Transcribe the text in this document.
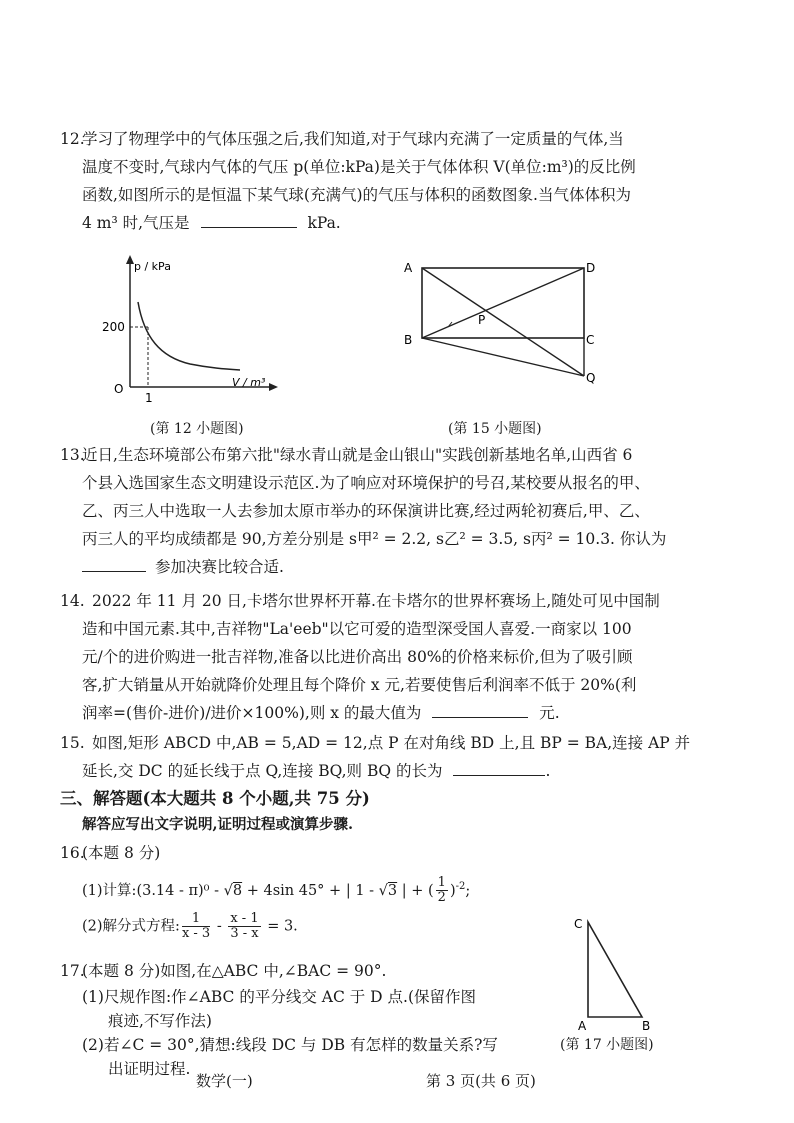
12.
学习了物理学中的气体压强之后,我们知道,对于气球内充满了一定质量的气体,当
温度不变时,气球内气体的气压 p(单位:kPa)是关于气体体积 V(单位:m³)的反比例
函数,如图所示的是恒温下某气球(充满气)的气压与体积的函数图象.当气体体积为
4 m³ 时,气压是	kPa.
p / kPa
V / m³
200
1
O
(第 12 小题图)
A	D
B	C
P
Q
(第 15 小题图)
13.
近日,生态环境部公布第六批"绿水青山就是金山银山"实践创新基地名单,山西省 6
个县入选国家生态文明建设示范区.为了响应对环境保护的号召,某校要从报名的甲、
乙、丙三人中选取一人去参加太原市举办的环保演讲比赛,经过两轮初赛后,甲、乙、
丙三人的平均成绩都是 90,方差分别是 s甲² = 2.2, s乙² = 3.5, s丙² = 10.3. 你认为
参加决赛比较合适.
14. 2022 年 11 月 20 日,卡塔尔世界杯开幕.在卡塔尔的世界杯赛场上,随处可见中国制
造和中国元素.其中,吉祥物"La'eeb"以它可爱的造型深受国人喜爱.一商家以 100
元/个的进价购进一批吉祥物,准备以比进价高出 80%的价格来标价,但为了吸引顾
客,扩大销量从开始就降价处理且每个降价 x 元,若要使售后利润率不低于 20%(利
润率=(售价-进价)/进价×100%),则 x 的最大值为	元.
15. 如图,矩形 ABCD 中,AB = 5,AD = 12,点 P 在对角线 BD 上,且 BP = BA,连接 AP 并
延长,交 DC 的延长线于点 Q,连接 BQ,则 BQ 的长为	.
三、解答题(本大题共 8 个小题,共 75 分)
解答应写出文字说明,证明过程或演算步骤.
16.
(本题 8 分)
(1)计算:(3.14 - π)⁰ - √8 + 4sin 45° + | 1 - √3 | + ( $\frac{1}{2} )^{-2}$;
(2)解分式方程: $\frac{1}{x - 3} - \frac{x - 1}{3 - x} = 3$.
17.
(本题 8 分)如图,在△ABC 中,∠BAC = 90°.
(1)尺规作图:作∠ABC 的平分线交 AC 于 D 点.(保留作图
痕迹,不写作法)
(2)若∠C = 30°,猜想:线段 DC 与 DB 有怎样的数量关系?写
出证明过程.
C
A	B
(第 17 小题图)
数学(一)	第 3 页(共 6 页)
